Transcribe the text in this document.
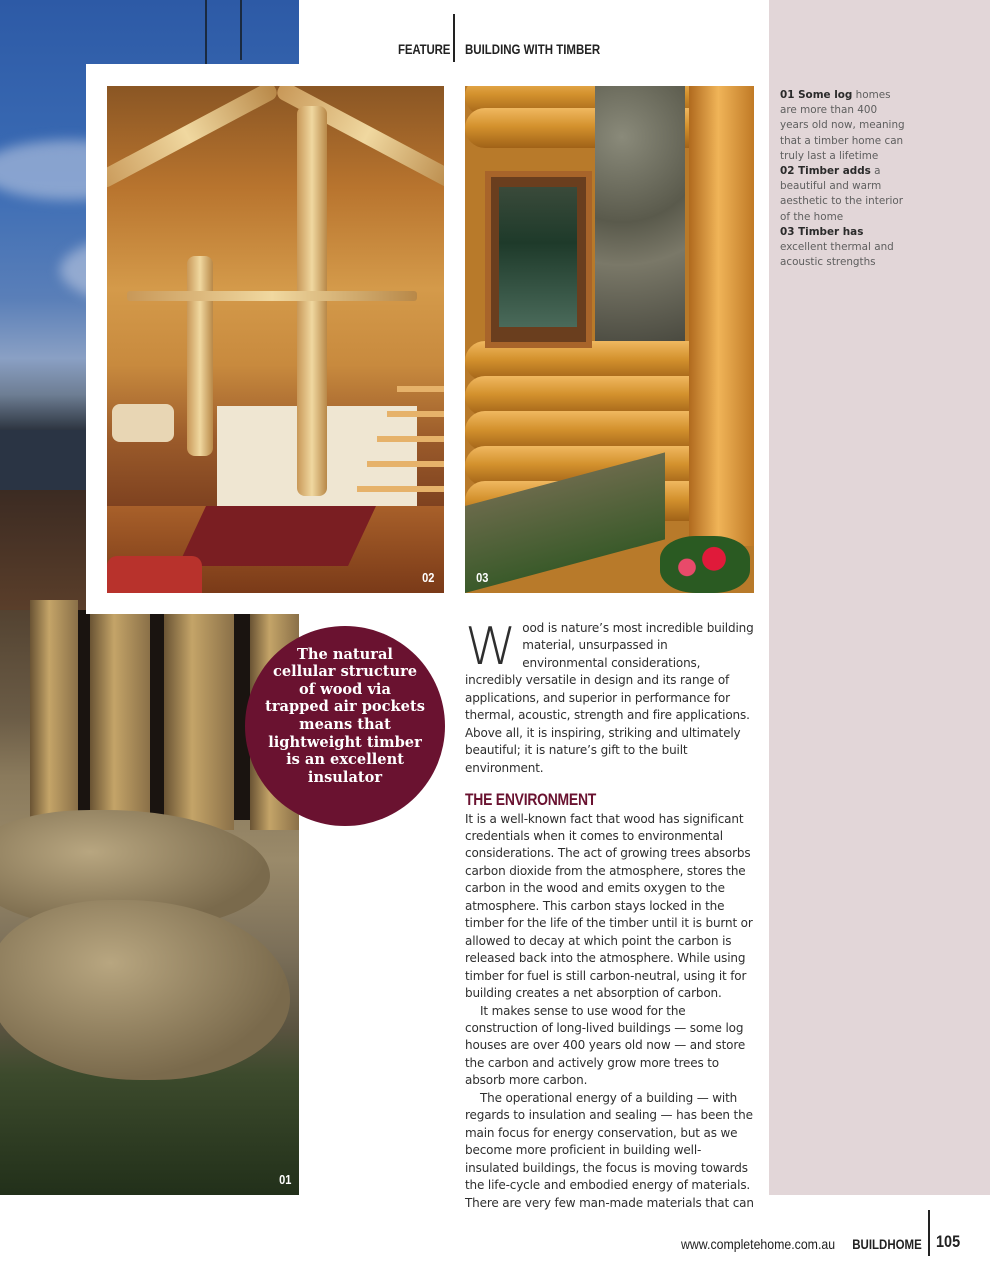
01

01 Some log homes are more than 400 years old now, meaning that a timber home can truly last a lifetime

02 Timber adds a beautiful and warm aesthetic to the interior of the home

03 Timber has excellent thermal and acoustic strengths

FEATURE BUILDING WITH TIMBER
02	03
The natural cellular structure of wood via trapped air pockets means that lightweight timber is an excellent insulator

Wood is nature’s most incredible building material, unsurpassed in environmental considerations, incredibly versatile in design and its range of applications, and superior in performance for thermal, acoustic, strength and fire applications. Above all, it is inspiring, striking and ultimately beautiful; it is nature’s gift to the built environment.

THE ENVIRONMENT

It is a well-known fact that wood has significant credentials when it comes to environmental considerations. The act of growing trees absorbs carbon dioxide from the atmosphere, stores the carbon in the wood and emits oxygen to the atmosphere. This carbon stays locked in the timber for the life of the timber until it is burnt or allowed to decay at which point the carbon is released back into the atmosphere. While using timber for fuel is still carbon-neutral, using it for building creates a net absorption of carbon.

It makes sense to use wood for the construction of long-lived buildings — some log houses are over 400 years old now — and store the carbon and actively grow more trees to absorb more carbon.

The operational energy of a building — with regards to insulation and sealing — has been the main focus for energy conservation, but as we become more proficient in building well-insulated buildings, the focus is moving towards the life-cycle and embodied energy of materials. There are very few man-made materials that can

www.completehome.com.au BUILDHOME 105
